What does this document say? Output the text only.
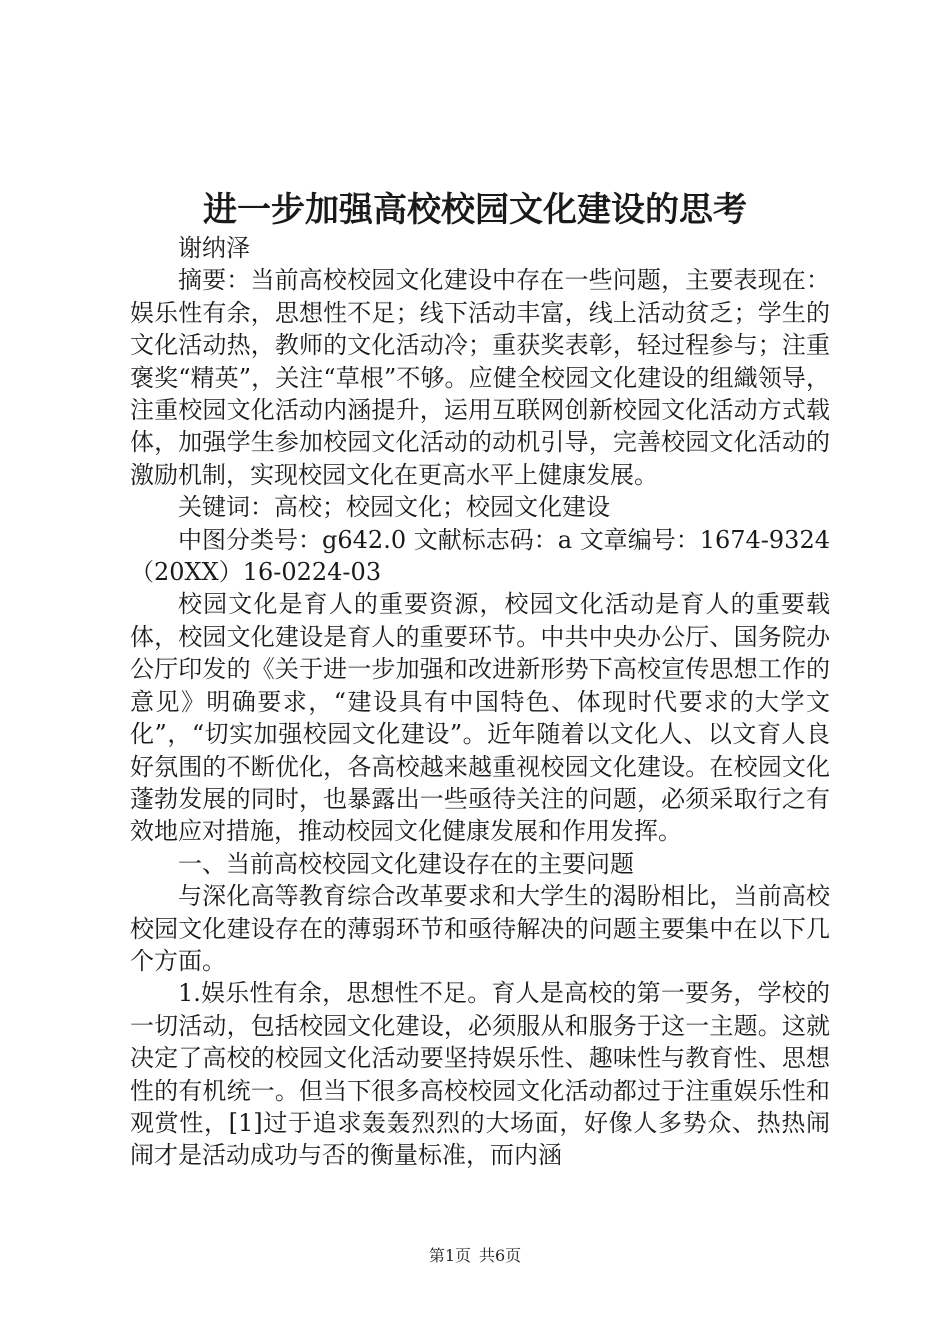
进一步加强高校校园文化建设的思考

谢纳泽

摘要：当前高校校园文化建设中存在一些问题，主要表现在：娱乐性有余，思想性不足；线下活动丰富，线上活动贫乏；学生的文化活动热，教师的文化活动冷；重获奖表彰，轻过程参与；注重褒奖“精英”，关注“草根”不够。应健全校园文化建设的组織领导，注重校园文化活动内涵提升，运用互联网创新校园文化活动方式载体，加强学生参加校园文化活动的动机引导，完善校园文化活动的激励机制，实现校园文化在更高水平上健康发展。

关键词：高校；校园文化；校园文化建设

中图分类号：g642.0 文献标志码：a 文章编号：1674-9324（20XX）16-0224-03

校园文化是育人的重要资源，校园文化活动是育人的重要载体，校园文化建设是育人的重要环节。中共中央办公厅、国务院办公厅印发的《关于进一步加强和改进新形势下高校宣传思想工作的意见》明确要求，“建设具有中国特色、体现时代要求的大学文化”，“切实加强校园文化建设”。近年随着以文化人、以文育人良好氛围的不断优化，各高校越来越重视校园文化建设。在校园文化蓬勃发展的同时，也暴露出一些亟待关注的问题，必须采取行之有效地应对措施，推动校园文化健康发展和作用发挥。

一、当前高校校园文化建设存在的主要问题

与深化高等教育综合改革要求和大学生的渴盼相比，当前高校校园文化建设存在的薄弱环节和亟待解决的问题主要集中在以下几个方面。

1.娱乐性有余，思想性不足。育人是高校的第一要务，学校的一切活动，包括校园文化建设，必须服从和服务于这一主题。这就决定了高校的校园文化活动要坚持娱乐性、趣味性与教育性、思想性的有机统一。但当下很多高校校园文化活动都过于注重娱乐性和观赏性，[1]过于追求轰轰烈烈的大场面，好像人多势众、热热闹闹才是活动成功与否的衡量标准，而内涵

第1页 共6页
